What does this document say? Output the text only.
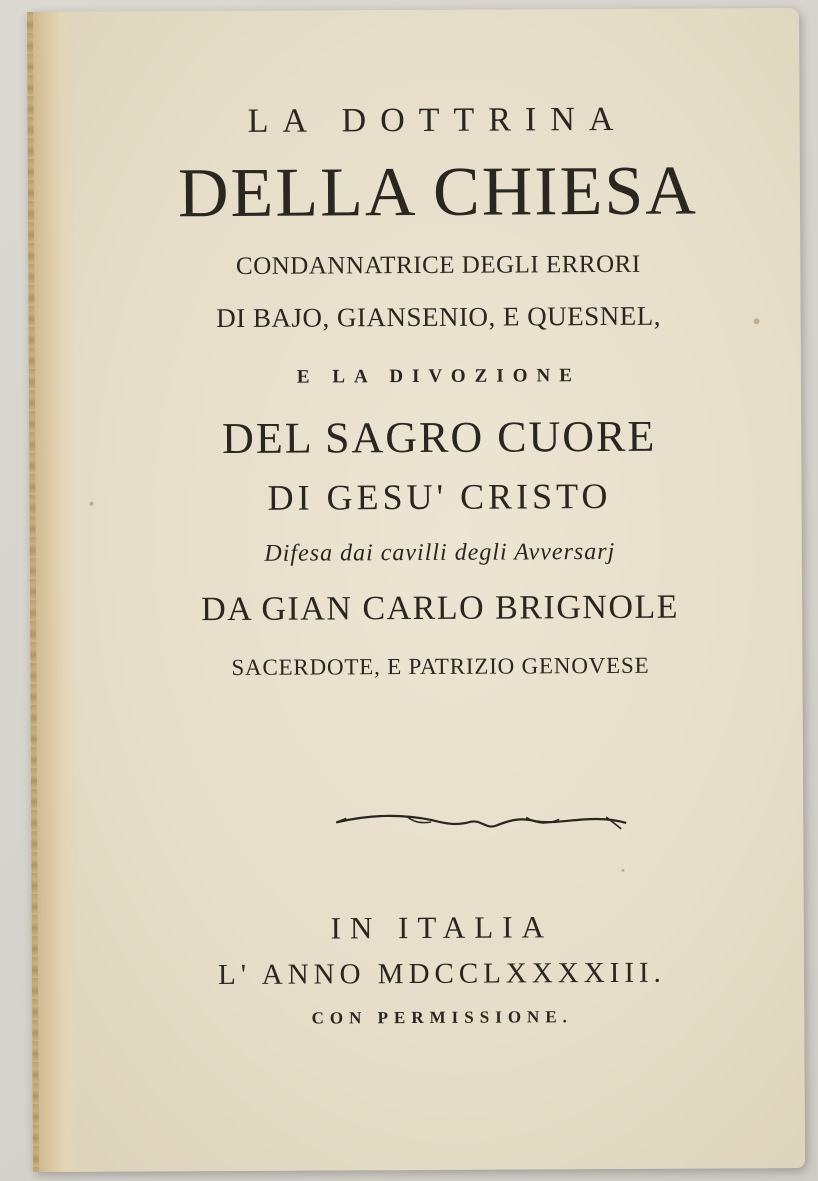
LA DOTTRINA
DELLA CHIESA
CONDANNATRICE DEGLI ERRORI
DI BAJO, GIANSENIO, E QUESNEL,
E LA DIVOZIONE
DEL SAGRO CUORE
DI GESU' CRISTO
Difesa dai cavilli degli Avversarj
DA GIAN CARLO BRIGNOLE
SACERDOTE, E PATRIZIO GENOVESE
IN ITALIA
L' ANNO MDCCLXXXXIII.
CON PERMISSIONE.
